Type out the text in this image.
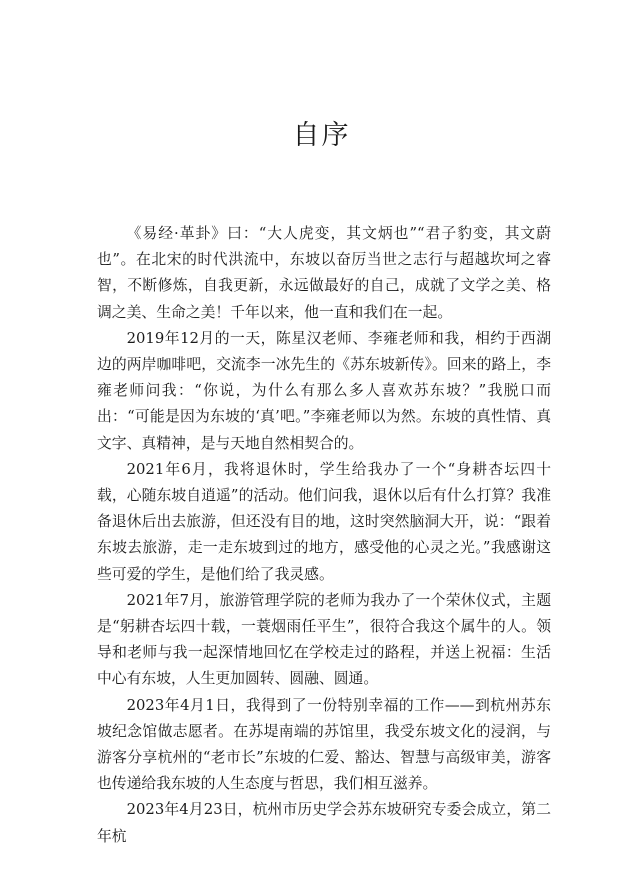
自序

《易经·革卦》曰：“大人虎变，其文炳也”“君子豹变，其文蔚也”。在北宋的时代洪流中，东坡以奋厉当世之志行与超越坎坷之睿智，不断修炼，自我更新，永远做最好的自己，成就了文学之美、格调之美、生命之美！千年以来，他一直和我们在一起。

2019年12月的一天，陈星汉老师、李雍老师和我，相约于西湖边的两岸咖啡吧，交流李一冰先生的《苏东坡新传》。回来的路上，李雍老师问我：“你说，为什么有那么多人喜欢苏东坡？”我脱口而出：“可能是因为东坡的‘真’吧。”李雍老师以为然。东坡的真性情、真文字、真精神，是与天地自然相契合的。

2021年6月，我将退休时，学生给我办了一个“身耕杏坛四十载，心随东坡自逍遥”的活动。他们问我，退休以后有什么打算？我准备退休后出去旅游，但还没有目的地，这时突然脑洞大开，说：“跟着东坡去旅游，走一走东坡到过的地方，感受他的心灵之光。”我感谢这些可爱的学生，是他们给了我灵感。

2021年7月，旅游管理学院的老师为我办了一个荣休仪式，主题是“躬耕杏坛四十载，一蓑烟雨任平生”，很符合我这个属牛的人。领导和老师与我一起深情地回忆在学校走过的路程，并送上祝福：生活中心有东坡，人生更加圆转、圆融、圆通。

2023年4月1日，我得到了一份特别幸福的工作——到杭州苏东坡纪念馆做志愿者。在苏堤南端的苏馆里，我受东坡文化的浸润，与游客分享杭州的“老市长”东坡的仁爱、豁达、智慧与高级审美，游客也传递给我东坡的人生态度与哲思，我们相互滋养。

2023年4月23日，杭州市历史学会苏东坡研究专委会成立，第二年杭
